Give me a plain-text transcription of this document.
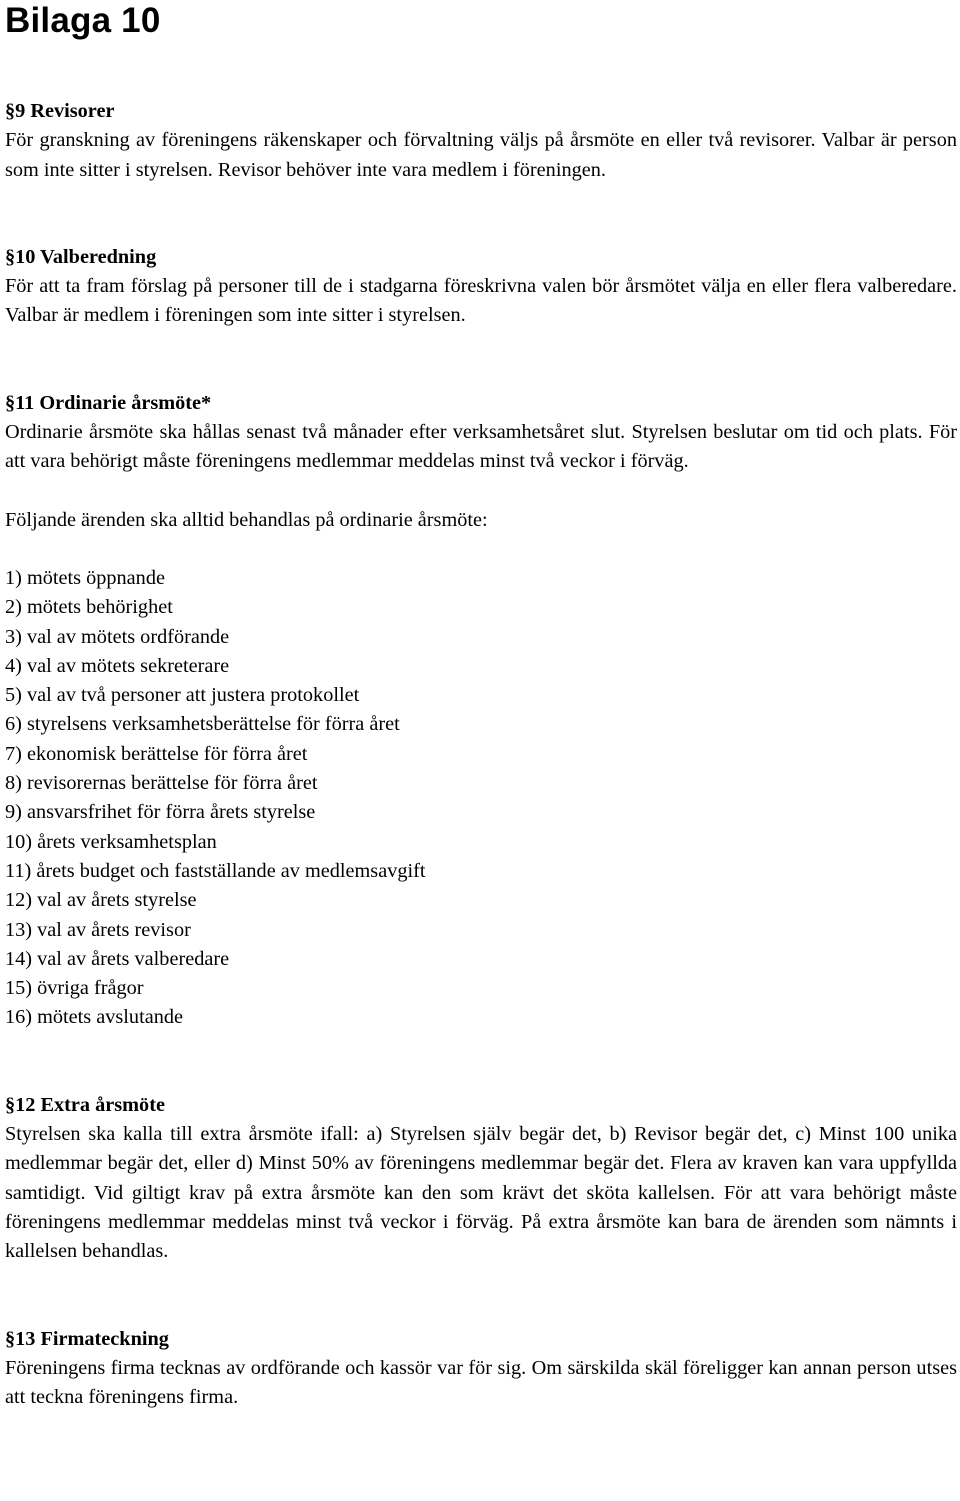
Bilaga 10
§9 Revisorer

För granskning av föreningens räkenskaper och förvaltning väljs på årsmöte en eller två revisorer. Valbar är person som inte sitter i styrelsen. Revisor behöver inte vara medlem i föreningen.

§10 Valberedning

För att ta fram förslag på personer till de i stadgarna föreskrivna valen bör årsmötet välja en eller flera valberedare. Valbar är medlem i föreningen som inte sitter i styrelsen.

§11 Ordinarie årsmöte*

Ordinarie årsmöte ska hållas senast två månader efter verksamhetsåret slut. Styrelsen beslutar om tid och plats. För att vara behörigt måste föreningens medlemmar meddelas minst två veckor i förväg.

Följande ärenden ska alltid behandlas på ordinarie årsmöte:

1) mötets öppnande
2) mötets behörighet
3) val av mötets ordförande
4) val av mötets sekreterare
5) val av två personer att justera protokollet
6) styrelsens verksamhetsberättelse för förra året
7) ekonomisk berättelse för förra året
8) revisorernas berättelse för förra året
9) ansvarsfrihet för förra årets styrelse
10) årets verksamhetsplan
11) årets budget och fastställande av medlemsavgift
12) val av årets styrelse
13) val av årets revisor
14) val av årets valberedare
15) övriga frågor
16) mötets avslutande
§12 Extra årsmöte

Styrelsen ska kalla till extra årsmöte ifall: a) Styrelsen själv begär det, b) Revisor begär det, c) Minst 100 unika medlemmar begär det, eller d) Minst 50% av föreningens medlemmar begär det. Flera av kraven kan vara uppfyllda samtidigt. Vid giltigt krav på extra årsmöte kan den som krävt det sköta kallelsen. För att vara behörigt måste föreningens medlemmar meddelas minst två veckor i förväg. På extra årsmöte kan bara de ärenden som nämnts i kallelsen behandlas.

§13 Firmateckning

Föreningens firma tecknas av ordförande och kassör var för sig. Om särskilda skäl föreligger kan annan person utses att teckna föreningens firma.
